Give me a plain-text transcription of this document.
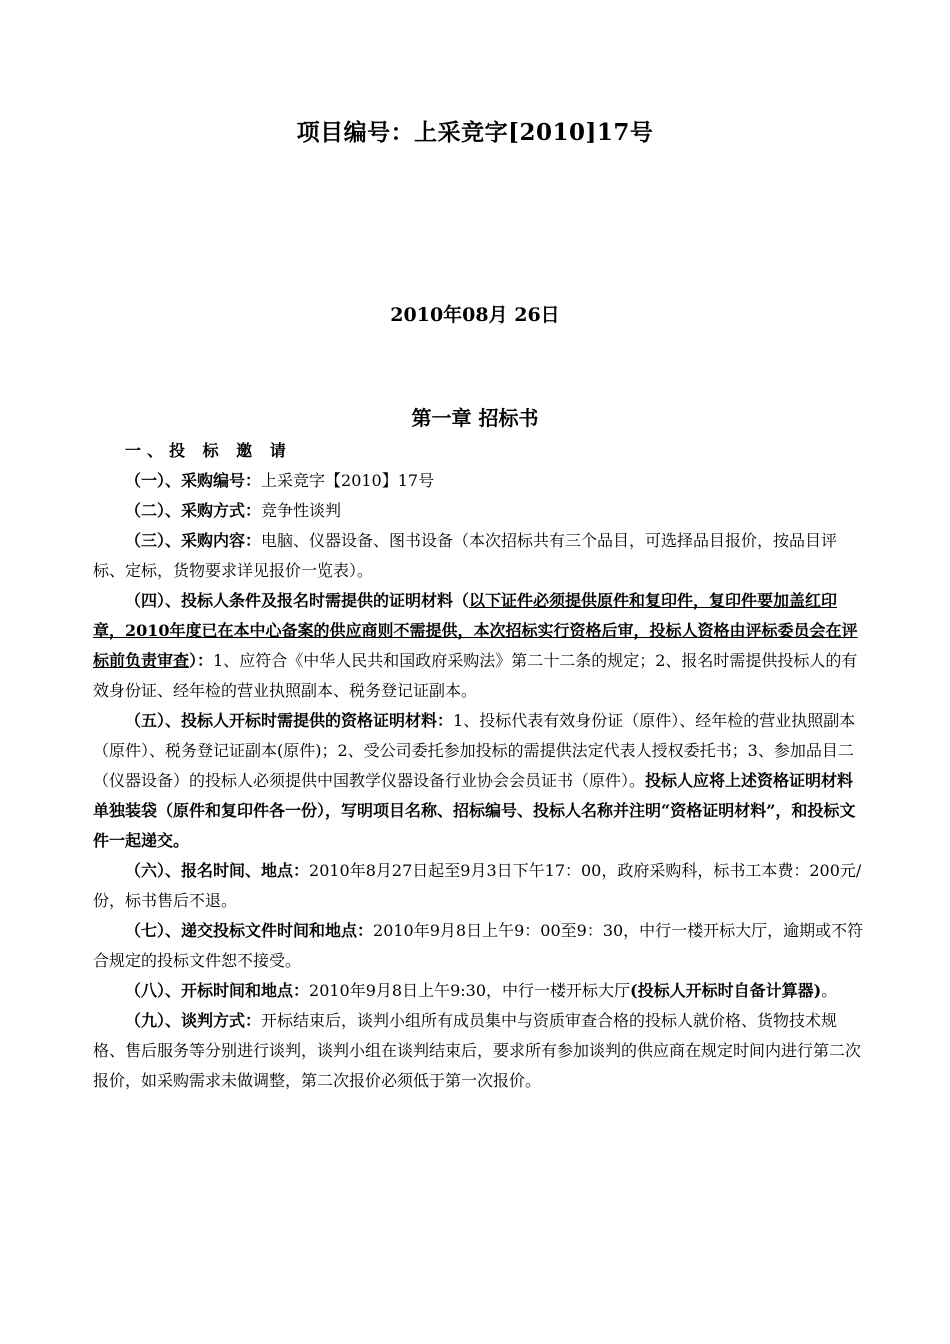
项目编号：上采竞字[2010]17号
2010年08月 26日
第一章 招标书

一、投 标 邀 请

（一）、采购编号：上采竞字【2010】17号

（二）、采购方式：竞争性谈判

（三）、采购内容：电脑、仪器设备、图书设备（本次招标共有三个品目，可选择品目报价，按品目评标、定标，货物要求详见报价一览表）。

（四）、投标人条件及报名时需提供的证明材料（以下证件必须提供原件和复印件，复印件要加盖红印章，2010年度已在本中心备案的供应商则不需提供，本次招标实行资格后审，投标人资格由评标委员会在评标前负责审查）：1、应符合《中华人民共和国政府采购法》第二十二条的规定；2、报名时需提供投标人的有效身份证、经年检的营业执照副本、税务登记证副本。

（五）、投标人开标时需提供的资格证明材料：1、投标代表有效身份证（原件）、经年检的营业执照副本（原件）、税务登记证副本(原件)；2、受公司委托参加投标的需提供法定代表人授权委托书；3、参加品目二（仪器设备）的投标人必须提供中国教学仪器设备行业协会会员证书（原件）。投标人应将上述资格证明材料单独装袋（原件和复印件各一份），写明项目名称、招标编号、投标人名称并注明“资格证明材料”，和投标文件一起递交。

（六）、报名时间、地点：2010年8月27日起至9月3日下午17：00，政府采购科，标书工本费：200元/份，标书售后不退。

（七）、递交投标文件时间和地点：2010年9月8日上午9：00至9：30，中行一楼开标大厅，逾期或不符合规定的投标文件恕不接受。

（八）、开标时间和地点：2010年9月8日上午9:30，中行一楼开标大厅(投标人开标时自备计算器)。

（九）、谈判方式：开标结束后，谈判小组所有成员集中与资质审查合格的投标人就价格、货物技术规格、售后服务等分别进行谈判，谈判小组在谈判结束后，要求所有参加谈判的供应商在规定时间内进行第二次报价，如采购需求未做调整，第二次报价必须低于第一次报价。
